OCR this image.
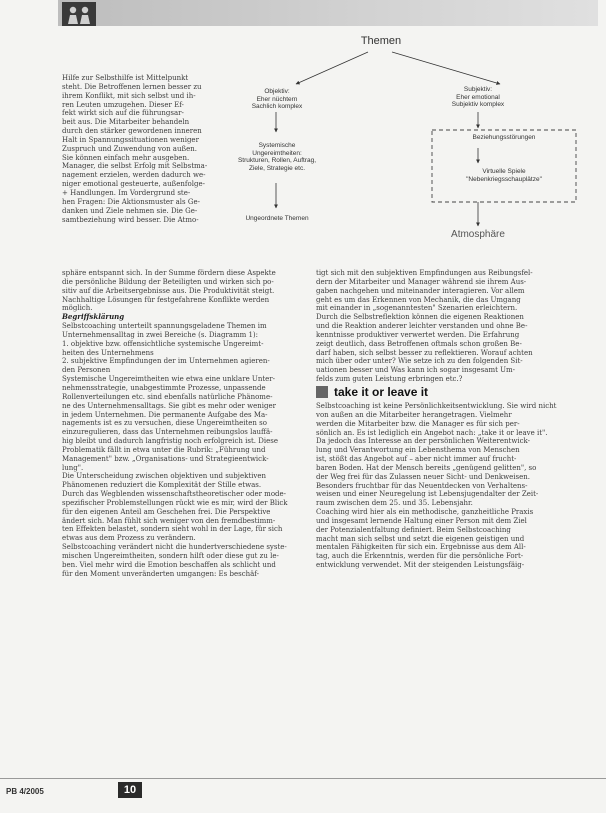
Themen
Objektiv:
Eher nüchtern
Sachlich komplex
Systemische
Ungereimtheiten:
Strukturen, Rollen, Auftrag,
Ziele, Strategie etc.
Ungeordnete Themen
Subjektiv:
Eher emotional
Subjektiv komplex
Beziehungsstörungen
Virtuelle Spiele
"Nebenkriegsschauplätze"
Atmosphäre

Hilfe zur Selbsthilfe ist Mittelpunkt

steht. Die Betroffenen lernen besser zu

ihrem Konflikt, mit sich selbst und ih-

ren Leuten umzugehen. Dieser Ef-

fekt wirkt sich auf die führungsar-

beit aus. Die Mitarbeiter behandeln

durch den stärker gewordenen inneren

Halt in Spannungssituationen weniger

Zuspruch und Zuwendung von außen.

Sie können einfach mehr ausgeben.

Manager, die selbst Erfolg mit Selbstma-

nagement erzielen, werden dadurch we-

niger emotional gesteuerte, außenfolge-

+ Handlungen. Im Vordergrund ste-

hen Fragen: Die Aktionsmuster als Ge-

danken und Ziele nehmen sie. Die Ge-

samtbeziehung wird besser. Die Atmo-

sphäre entspannt sich. In der Summe fördern diese Aspekte

die persönliche Bildung der Beteiligten und wirken sich po-

sitiv auf die Arbeitsergebnisse aus. Die Produktivität steigt.

Nachhaltige Lösungen für festgefahrene Konflikte werden

möglich.

Begriffsklärung

Selbstcoaching unterteilt spannungsgeladene Themen im

Unternehmensalltag in zwei Bereiche (s. Diagramm 1):

1. objektive bzw. offensichtliche systemische Ungereimt-

heiten des Unternehmens

2. subjektive Empfindungen der im Unternehmen agieren-

den Personen

Systemische Ungereimtheiten wie etwa eine unklare Unter-

nehmensstrategie, unabgestimmte Prozesse, unpassende

Rollenverteilungen etc. sind ebenfalls natürliche Phänome-

ne des Unternehmensalltags. Sie gibt es mehr oder weniger

in jedem Unternehmen. Die permanente Aufgabe des Ma-

nagements ist es zu versuchen, diese Ungereimtheiten so

einzuregulieren, dass das Unternehmen reibungslos lauffä-

hig bleibt und dadurch langfristig noch erfolgreich ist. Diese

Problematik fällt in etwa unter die Rubrik: „Führung und

Management" bzw. „Organisations- und Strategieentwick-

lung".

Die Unterscheidung zwischen objektiven und subjektiven

Phänomenen reduziert die Komplexität der Stille etwas.

Durch das Wegblenden wissenschaftstheoretischer oder mode-

spezifischer Problemstellungen rückt wie es mir, wird der Blick

für den eigenen Anteil am Geschehen frei. Die Perspektive

ändert sich. Man fühlt sich weniger von den fremdbestimm-

ten Effekten belastet, sondern sieht wohl in der Lage, für sich

etwas aus dem Prozess zu verändern.

Selbstcoaching verändert nicht die hundertverschiedene syste-

mischen Ungereimtheiten, sondern hilft oder diese gut zu le-

ben. Viel mehr wird die Emotion beschaffen als schlicht und

für den Moment unveränderten umgangen: Es beschäf-

tigt sich mit den subjektiven Empfindungen aus Reibungsfel-

dern der Mitarbeiter und Manager während sie ihrem Aus-

gaben nachgehen und miteinander interagieren. Vor allem

geht es um das Erkennen von Mechanik, die das Umgang

mit einander in „sogenanntesten" Szenarien erleichtern.

Durch die Selbstreflektion können die eigenen Reaktionen

und die Reaktion anderer leichter verstanden und ohne Be-

kenntnisse produktiver verwertet werden. Die Erfahrung

zeigt deutlich, dass Betroffenen oftmals schon großen Be-

darf haben, sich selbst besser zu reflektieren. Worauf achten

mich über oder unter? Wie setze ich zu den folgenden Sit-

uationen besser und Was kann ich sogar insgesamt Um-

felds zum guten Leistung erbringen etc.?

take it or leave it

Selbstcoaching ist keine Persönlichkeitsentwicklung. Sie wird nicht

von außen an die Mitarbeiter herangetragen. Vielmehr

werden die Mitarbeiter bzw. die Manager es für sich per-

sönlich an. Es ist lediglich ein Angebot nach: „take it or leave it".

Da jedoch das Interesse an der persönlichen Weiterentwick-

lung und Verantwortung ein Lebensthema von Menschen

ist, stößt das Angebot auf – aber nicht immer auf frucht-

baren Boden. Hat der Mensch bereits „genügend gelitten", so

der Weg frei für das Zulassen neuer Sicht- und Denkweisen.

Besonders fruchtbar für das Neuentdecken von Verhaltens-

weisen und einer Neuregelung ist Lebensjugendalter der Zeit-

raum zwischen dem 25. und 35. Lebensjahr.

Coaching wird hier als ein methodische, ganzheitliche Praxis

und insgesamt lernende Haltung einer Person mit dem Ziel

der Potenzialentfaltung definiert. Beim Selbstcoaching

macht man sich selbst und setzt die eigenen geistigen und

mentalen Fähigkeiten für sich ein. Ergebnisse aus dem All-

tag, auch die Erkenntnis, werden für die persönliche Fort-

entwicklung verwendet. Mit der steigenden Leistungsfäig-

PB 4/2005	10
